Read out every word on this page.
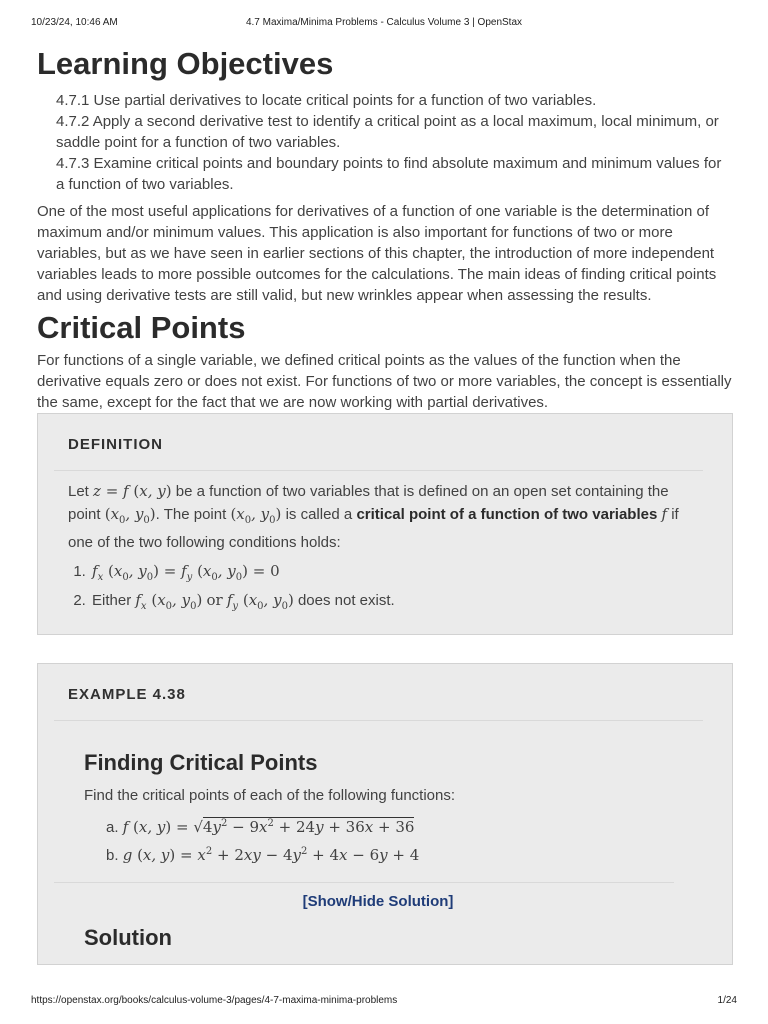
10/23/24, 10:46 AM	4.7 Maxima/Minima Problems - Calculus Volume 3 | OpenStax
Learning Objectives
4.7.1 Use partial derivatives to locate critical points for a function of two variables.
4.7.2 Apply a second derivative test to identify a critical point as a local maximum, local minimum, or saddle point for a function of two variables.
4.7.3 Examine critical points and boundary points to find absolute maximum and minimum values for a function of two variables.

One of the most useful applications for derivatives of a function of one variable is the determination of maximum and/or minimum values. This application is also important for functions of two or more variables, but as we have seen in earlier sections of this chapter, the introduction of more independent variables leads to more possible outcomes for the calculations. The main ideas of finding critical points and using derivative tests are still valid, but new wrinkles appear when assessing the results.

Critical Points

For functions of a single variable, we defined critical points as the values of the function when the derivative equals zero or does not exist. For functions of two or more variables, the concept is essentially the same, except for the fact that we are now working with partial derivatives.

DEFINITION

Let z = f (x, y) be a function of two variables that is defined on an open set containing the point ($x_0$, $y_0$). The point ($x_0$, $y_0$) is called a critical point of a function of two variables f if one of the two following conditions holds:

1. $f_x$ ($x_0$, $y_0) = f_y$ ($x_0$, $y_0) = 0$
2. Either $f_x$ ($x_0$, $y_0$) or $f_y$ ($x_0$, $y_0$) does not exist.
EXAMPLE 4.38
Finding Critical Points

Find the critical points of each of the following functions:

a. f (x, $y) = √4y^2 - 9x^2 + 24y + 36x + 36$
b. g (x, $y) = x^2 + 2xy - 4y^2 + 4x - 6y + 4$
[Show/Hide Solution]
Solution
https://openstax.org/books/calculus-volume-3/pages/4-7-maxima-minima-problems	1/24
